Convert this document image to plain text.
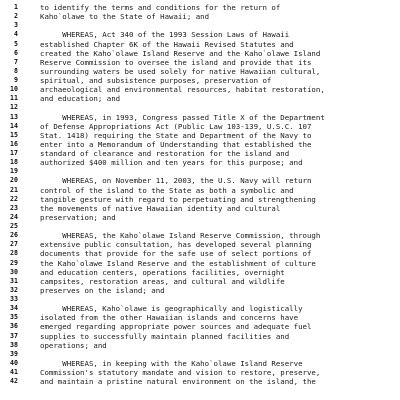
1	to identify the terms and conditions for the return of
2	Kaho`olawe to the State of Hawaii; and
3
4	WHEREAS, Act 340 of the 1993 Session Laws of Hawaii
5	established Chapter 6K of the Hawaii Revised Statutes and
6	created the Kaho`olawe Island Reserve and the Kaho`olawe Island
7	Reserve Commission to oversee the island and provide that its
8	surrounding waters be used solely for native Hawaiian cultural,
9	spiritual, and subsistence purposes, preservation of
10	archaeological and environmental resources, habitat restoration,
11	and education; and
12
13	WHEREAS, in 1993, Congress passed Title X of the Department
14	of Defense Appropriations Act (Public Law 103-139, U.S.C. 107
15	Stat. 1418) requiring the State and Department of the Navy to
16	enter into a Memorandum of Understanding that established the
17	standard of clearance and restoration for the island and
18	authorized $400 million and ten years for this purpose; and
19
20	WHEREAS, on November 11, 2003, the U.S. Navy will return
21	control of the island to the State as both a symbolic and
22	tangible gesture with regard to perpetuating and strengthening
23	the movements of native Hawaiian identity and cultural
24	preservation; and
25
26	WHEREAS, the Kaho`olawe Island Reserve Commission, through
27	extensive public consultation, has developed several planning
28	documents that provide for the safe use of select portions of
29	the Kaho`olawe Island Reserve and the establishment of culture
30	and education centers, operations facilities, overnight
31	campsites, restoration areas, and cultural and wildlife
32	preserves on the island; and
33
34	WHEREAS, Kaho`olawe is geographically and logistically
35	isolated from the other Hawaiian islands and concerns have
36	emerged regarding appropriate power sources and adequate fuel
37	supplies to successfully maintain planned facilities and
38	operations; and
39
40	WHEREAS, in keeping with the Kaho`olawe Island Reserve
41	Commission's statutory mandate and vision to restore, preserve,
42	and maintain a pristine natural environment on the island, the
